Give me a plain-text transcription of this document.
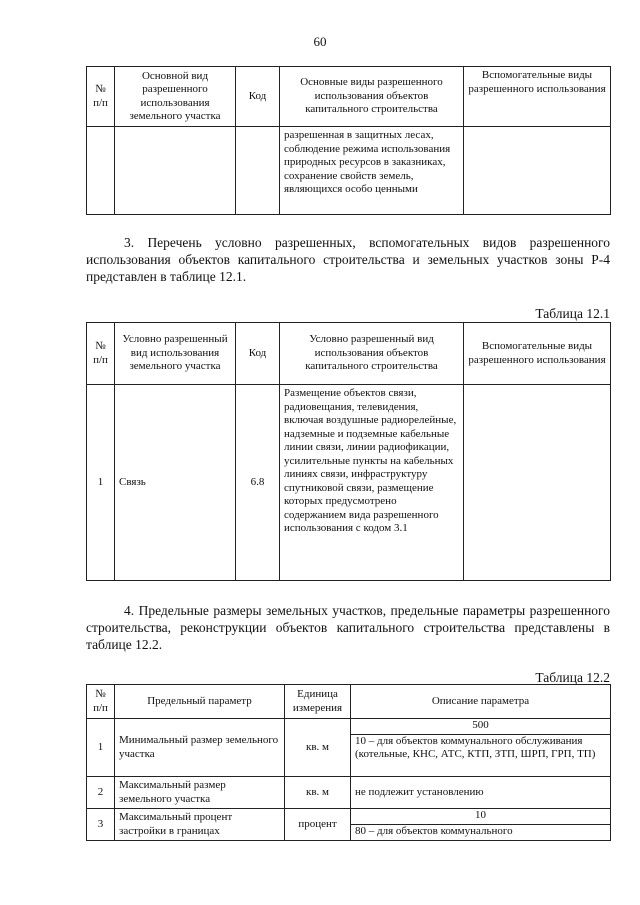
60
№ п/п	Основной вид разрешенного использования земельного участка	Код	Основные виды разрешенного использования объектов капитального строительства	Вспомогательные виды разрешенного использования
			разрешенная в защитных лесах, соблюдение режима использования природных ресурсов в заказниках, сохранение свойств земель, являющихся особо ценными	
3. Перечень условно разрешенных, вспомогательных видов разрешенного использования объектов капитального строительства и земельных участков зоны Р-4 представлен в таблице 12.1.
Таблица 12.1
№ п/п	Условно разрешенный вид использования земельного участка	Код	Условно разрешенный вид использования объектов капитального строительства	Вспомогательные виды разрешенного использования
1	Связь	6.8	Размещение объектов связи, радиовещания, телевидения, включая воздушные радиорелейные, надземные и подземные кабельные линии связи, линии радиофикации, усилительные пункты на кабельных линиях связи, инфраструктуру спутниковой связи, размещение которых предусмотрено содержанием вида разрешенного использования с кодом 3.1	
4. Предельные размеры земельных участков, предельные параметры разрешенного строительства, реконструкции объектов капитального строительства представлены в таблице 12.2.
Таблица 12.2
№ п/п	Предельный параметр	Единица измерения	Описание параметра
1	Минимальный размер земельного участка	кв. м	500
10 – для объектов коммунального обслуживания (котельные, КНС, АТС, КТП, ЗТП, ШРП, ГРП, ТП)

2	Максимальный размер земельного участка	кв. м	не подлежит установлению
3	Максимальный процент застройки в границах	процент	10
80 – для объектов коммунального
